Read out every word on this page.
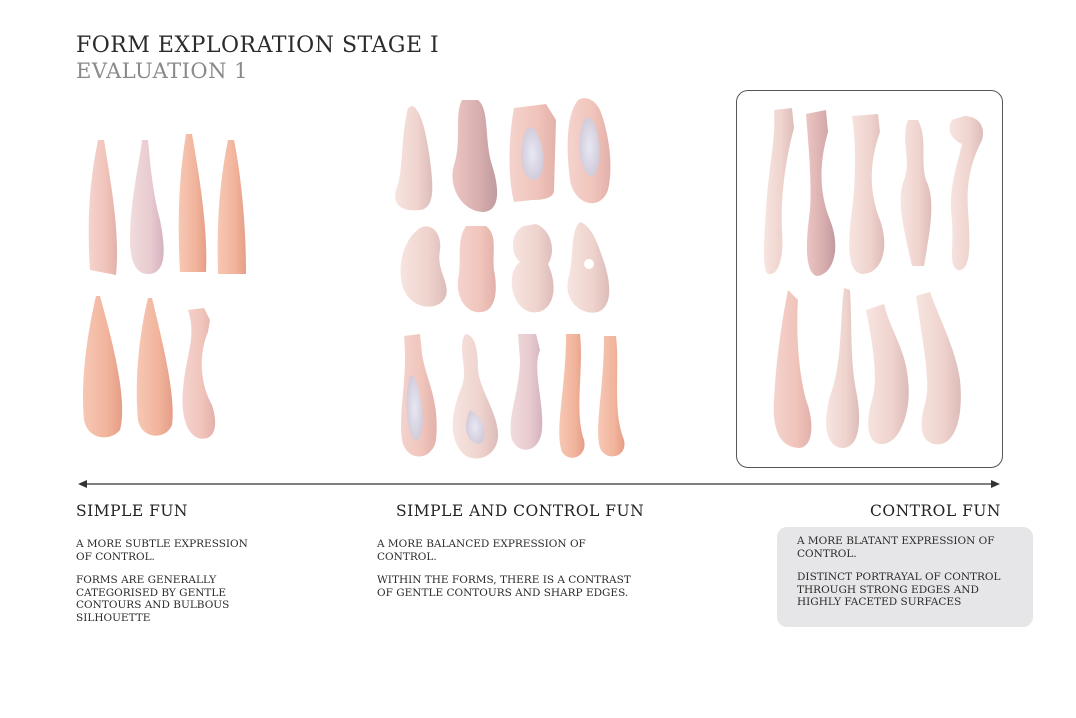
FORM EXPLORATION STAGE I
EVALUATION 1
SIMPLE FUN	SIMPLE AND CONTROL FUN	CONTROL FUN

A MORE SUBTLE EXPRESSION OF CONTROL.

FORMS ARE GENERALLY CATEGORISED BY GENTLE CONTOURS AND BULBOUS SILHOUETTE

A MORE BALANCED EXPRESSION OF CONTROL.

WITHIN THE FORMS, THERE IS A CONTRAST OF GENTLE CONTOURS AND SHARP EDGES.

A MORE BLATANT EXPRESSION OF CONTROL.

DISTINCT PORTRAYAL OF CONTROL THROUGH STRONG EDGES AND HIGHLY FACETED SURFACES
